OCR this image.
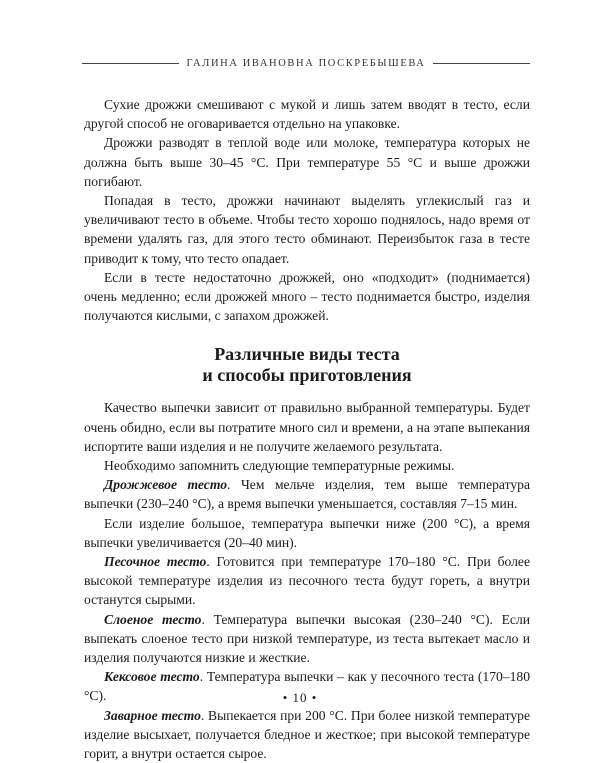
ГАЛИНА ИВАНОВНА ПОСКРЕБЫШЕВА

Сухие дрожжи смешивают с мукой и лишь затем вводят в тесто, если другой способ не оговаривается отдельно на упаковке.

Дрожжи разводят в теплой воде или молоке, температура которых не должна быть выше 30–45 °С. При температуре 55 °С и выше дрожжи погибают.

Попадая в тесто, дрожжи начинают выделять углекислый газ и увеличивают тесто в объеме. Чтобы тесто хорошо поднялось, надо время от времени удалять газ, для этого тесто обминают. Переизбыток газа в тесте приводит к тому, что тесто опадает.

Если в тесте недостаточно дрожжей, оно «подходит» (поднимается) очень медленно; если дрожжей много – тесто поднимается быстро, изделия получаются кислыми, с запахом дрожжей.

Различные виды теста
и способы приготовления

Качество выпечки зависит от правильно выбранной температуры. Будет очень обидно, если вы потратите много сил и времени, а на этапе выпекания испортите ваши изделия и не получите желаемого результата.

Необходимо запомнить следующие температурные режимы.

Дрожжевое тесто. Чем мельче изделия, тем выше температура выпечки (230–240 °С), а время выпечки уменьшается, составляя 7–15 мин.

Если изделие большое, температура выпечки ниже (200 °С), а время выпечки увеличивается (20–40 мин).

Песочное тесто. Готовится при температуре 170–180 °С. При более высокой температуре изделия из песочного теста будут гореть, а внутри останутся сырыми.

Слоеное тесто. Температура выпечки высокая (230–240 °С). Если выпекать слоеное тесто при низкой температуре, из теста вытекает масло и изделия получаются низкие и жесткие.

Кексовое тесто. Температура выпечки – как у песочного теста (170–180 °С).

Заварное тесто. Выпекается при 200 °С. При более низкой температуре изделие высыхает, получается бледное и жесткое; при высокой температуре горит, а внутри остается сырое.

• 10 •
